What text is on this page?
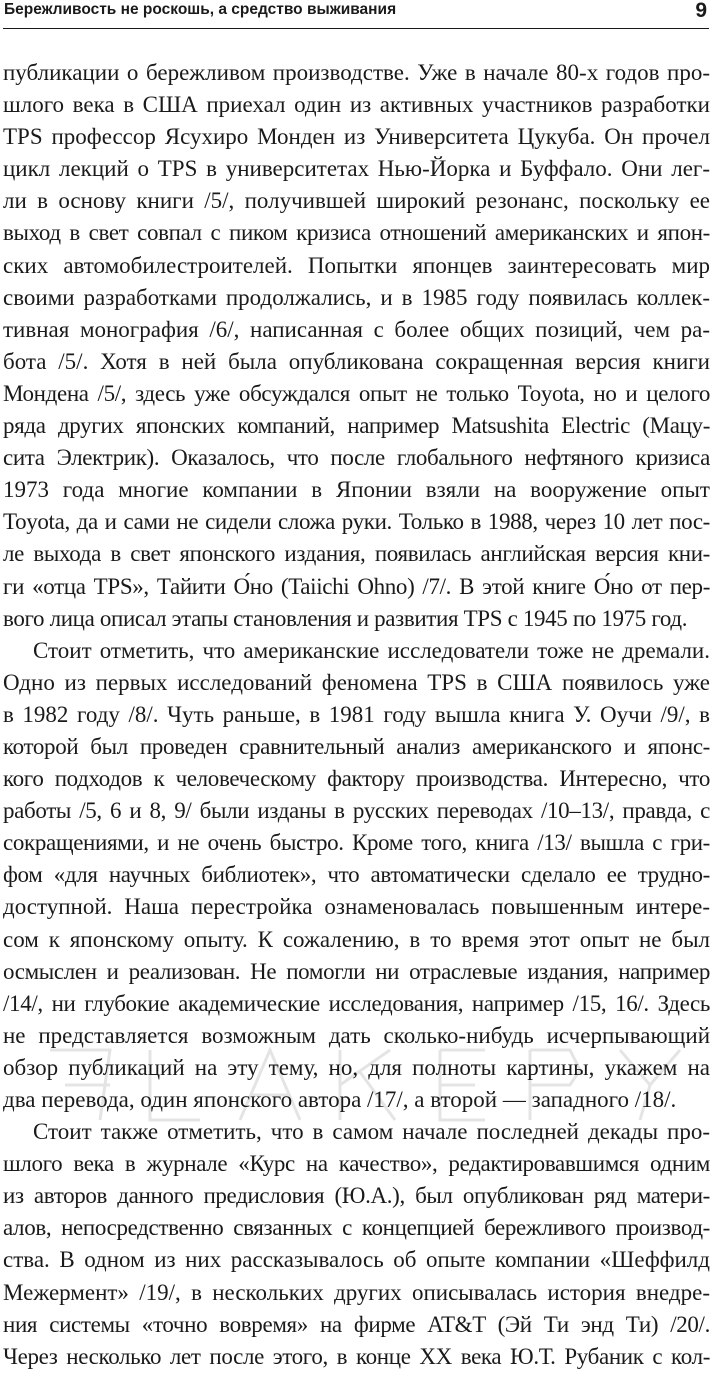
Бережливость не роскошь, а средство выживания	9
публикации о бережливом производстве. Уже в начале 80-х годов про-
шлого века в США приехал один из активных участников разработки
TPS профессор Ясухиро Монден из Университета Цукуба. Он прочел
цикл лекций о TPS в университетах Нью-Йорка и Буффало. Они лег-
ли в основу книги /5/, получившей широкий резонанс, поскольку ее
выход в свет совпал с пиком кризиса отношений американских и япон-
ских автомобилестроителей. Попытки японцев заинтересовать мир
своими разработками продолжались, и в 1985 году появилась коллек-
тивная монография /6/, написанная с более общих позиций, чем ра-
бота /5/. Хотя в ней была опубликована сокращенная версия книги
Мондена /5/, здесь уже обсуждался опыт не только Toyota, но и целого
ряда других японских компаний, например Matsushita Electric (Мацу-
сита Электрик). Оказалось, что после глобального нефтяного кризиса
1973 года многие компании в Японии взяли на вооружение опыт
Toyota, да и сами не сидели сложа руки. Только в 1988, через 10 лет пос-
ле выхода в свет японского издания, появилась английская версия кни-
ги «отца TPS», Тайити О́но (Taiichi Ohno) /7/. В этой книге О́но от пер-
вого лица описал этапы становления и развития TPS с 1945 по 1975 год.
Стоит отметить, что американские исследователи тоже не дремали.
Одно из первых исследований феномена TPS в США появилось уже
в 1982 году /8/. Чуть раньше, в 1981 году вышла книга У. Оучи /9/, в
которой был проведен сравнительный анализ американского и японс-
кого подходов к человеческому фактору производства. Интересно, что
работы /5, 6 и 8, 9/ были изданы в русских переводах /10–13/, правда, с
сокращениями, и не очень быстро. Кроме того, книга /13/ вышла с гри-
фом «для научных библиотек», что автоматически сделало ее трудно-
доступной. Наша перестройка ознаменовалась повышенным интере-
сом к японскому опыту. К сожалению, в то время этот опыт не был
осмыслен и реализован. Не помогли ни отраслевые издания, например
/14/, ни глубокие академические исследования, например /15, 16/. Здесь
не представляется возможным дать сколько-нибудь исчерпывающий
обзор публикаций на эту тему, но, для полноты картины, укажем на
два перевода, один японского автора /17/, а второй — западного /18/.
Стоит также отметить, что в самом начале последней декады про-
шлого века в журнале «Курс на качество», редактировавшимся одним
из авторов данного предисловия (Ю.А.), был опубликован ряд матери-
алов, непосредственно связанных с концепцией бережливого производ-
ства. В одном из них рассказывалось об опыте компании «Шеффилд
Межермент» /19/, в нескольких других описывалась история внедре-
ния системы «точно вовремя» на фирме AT&T (Эй Ти энд Ти) /20/.
Через несколько лет после этого, в конце XX века Ю.Т. Рубаник с кол-
